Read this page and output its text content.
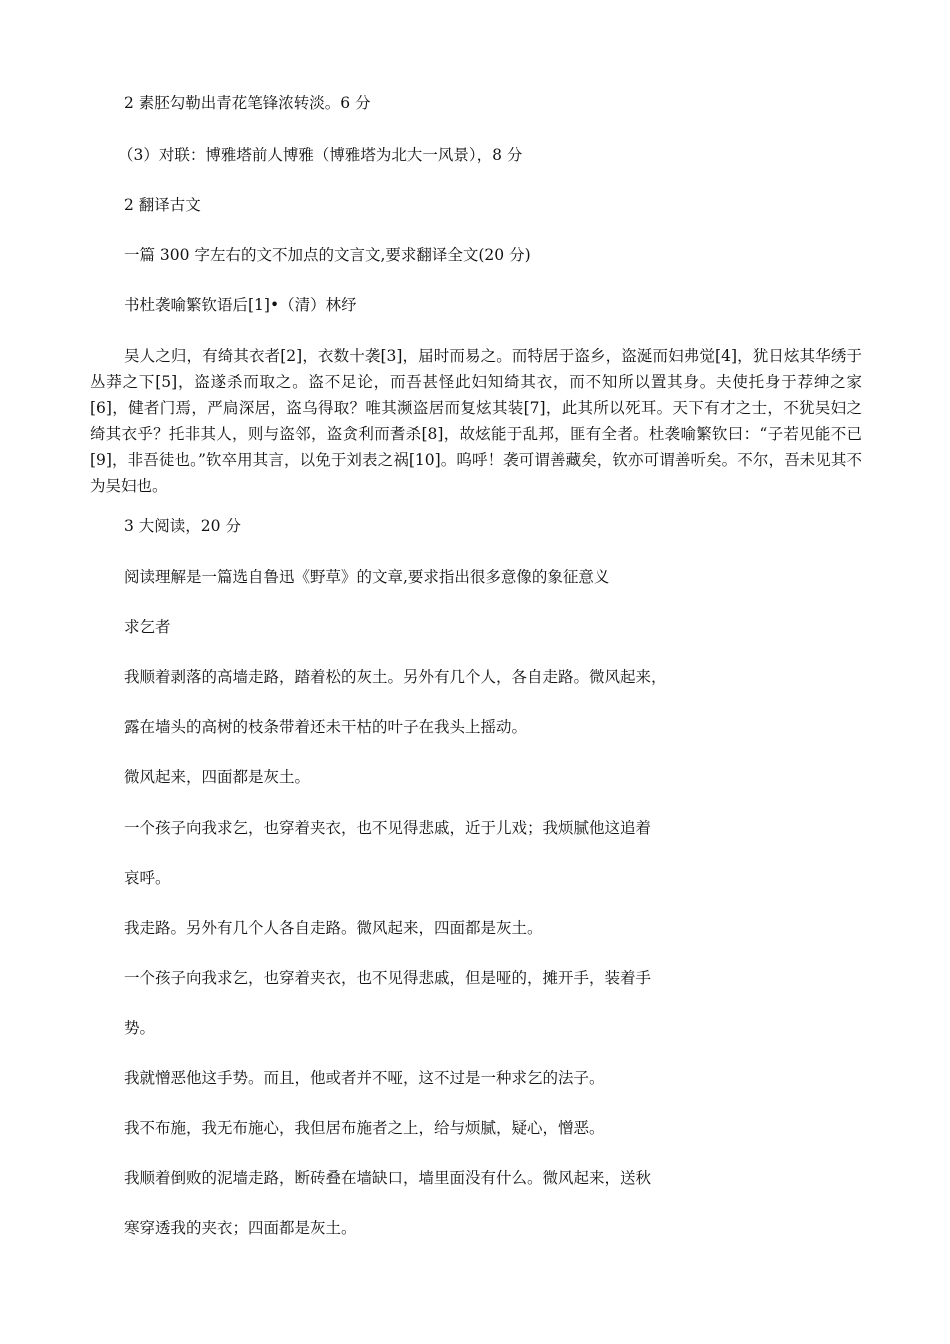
2 素胚勾勒出青花笔锋浓转淡。6 分
（3）对联：博雅塔前人博雅（博雅塔为北大一风景），8 分
2 翻译古文
一篇 300 字左右的文不加点的文言文,要求翻译全文(20 分)
书杜袭喻繁钦语后[1]•（清）林纾
吴人之归，有绮其衣者[2]，衣数十袭[3]，届时而易之。而特居于盗乡，盗涎而妇弗觉[4]，犹日炫其华绣于丛莽之下[5]，盗遂杀而取之。盗不足论，而吾甚怪此妇知绮其衣，而不知所以置其身。夫使托身于荐绅之家[6]，健者门焉，严扃深居，盗乌得取？唯其濒盗居而复炫其装[7]，此其所以死耳。天下有才之士，不犹吴妇之绮其衣乎？托非其人，则与盗邻，盗贪利而耆杀[8]，故炫能于乱邦，匪有全者。杜袭喻繁钦曰：“子若见能不已[9]，非吾徒也。”钦卒用其言，以免于刘表之祸[10]。呜呼！袭可谓善藏矣，钦亦可谓善听矣。不尔，吾未见其不为吴妇也。
3 大阅读，20 分
阅读理解是一篇选自鲁迅《野草》的文章,要求指出很多意像的象征意义
求乞者
我顺着剥落的高墙走路，踏着松的灰土。另外有几个人，各自走路。微风起来，
露在墙头的高树的枝条带着还未干枯的叶子在我头上摇动。
微风起来，四面都是灰土。
一个孩子向我求乞，也穿着夹衣，也不见得悲戚，近于儿戏；我烦腻他这追着
哀呼。
我走路。另外有几个人各自走路。微风起来，四面都是灰土。
一个孩子向我求乞，也穿着夹衣，也不见得悲戚，但是哑的，摊开手，装着手
势。
我就憎恶他这手势。而且，他或者并不哑，这不过是一种求乞的法子。
我不布施，我无布施心，我但居布施者之上，给与烦腻，疑心，憎恶。
我顺着倒败的泥墙走路，断砖叠在墙缺口，墙里面没有什么。微风起来，送秋
寒穿透我的夹衣；四面都是灰土。
